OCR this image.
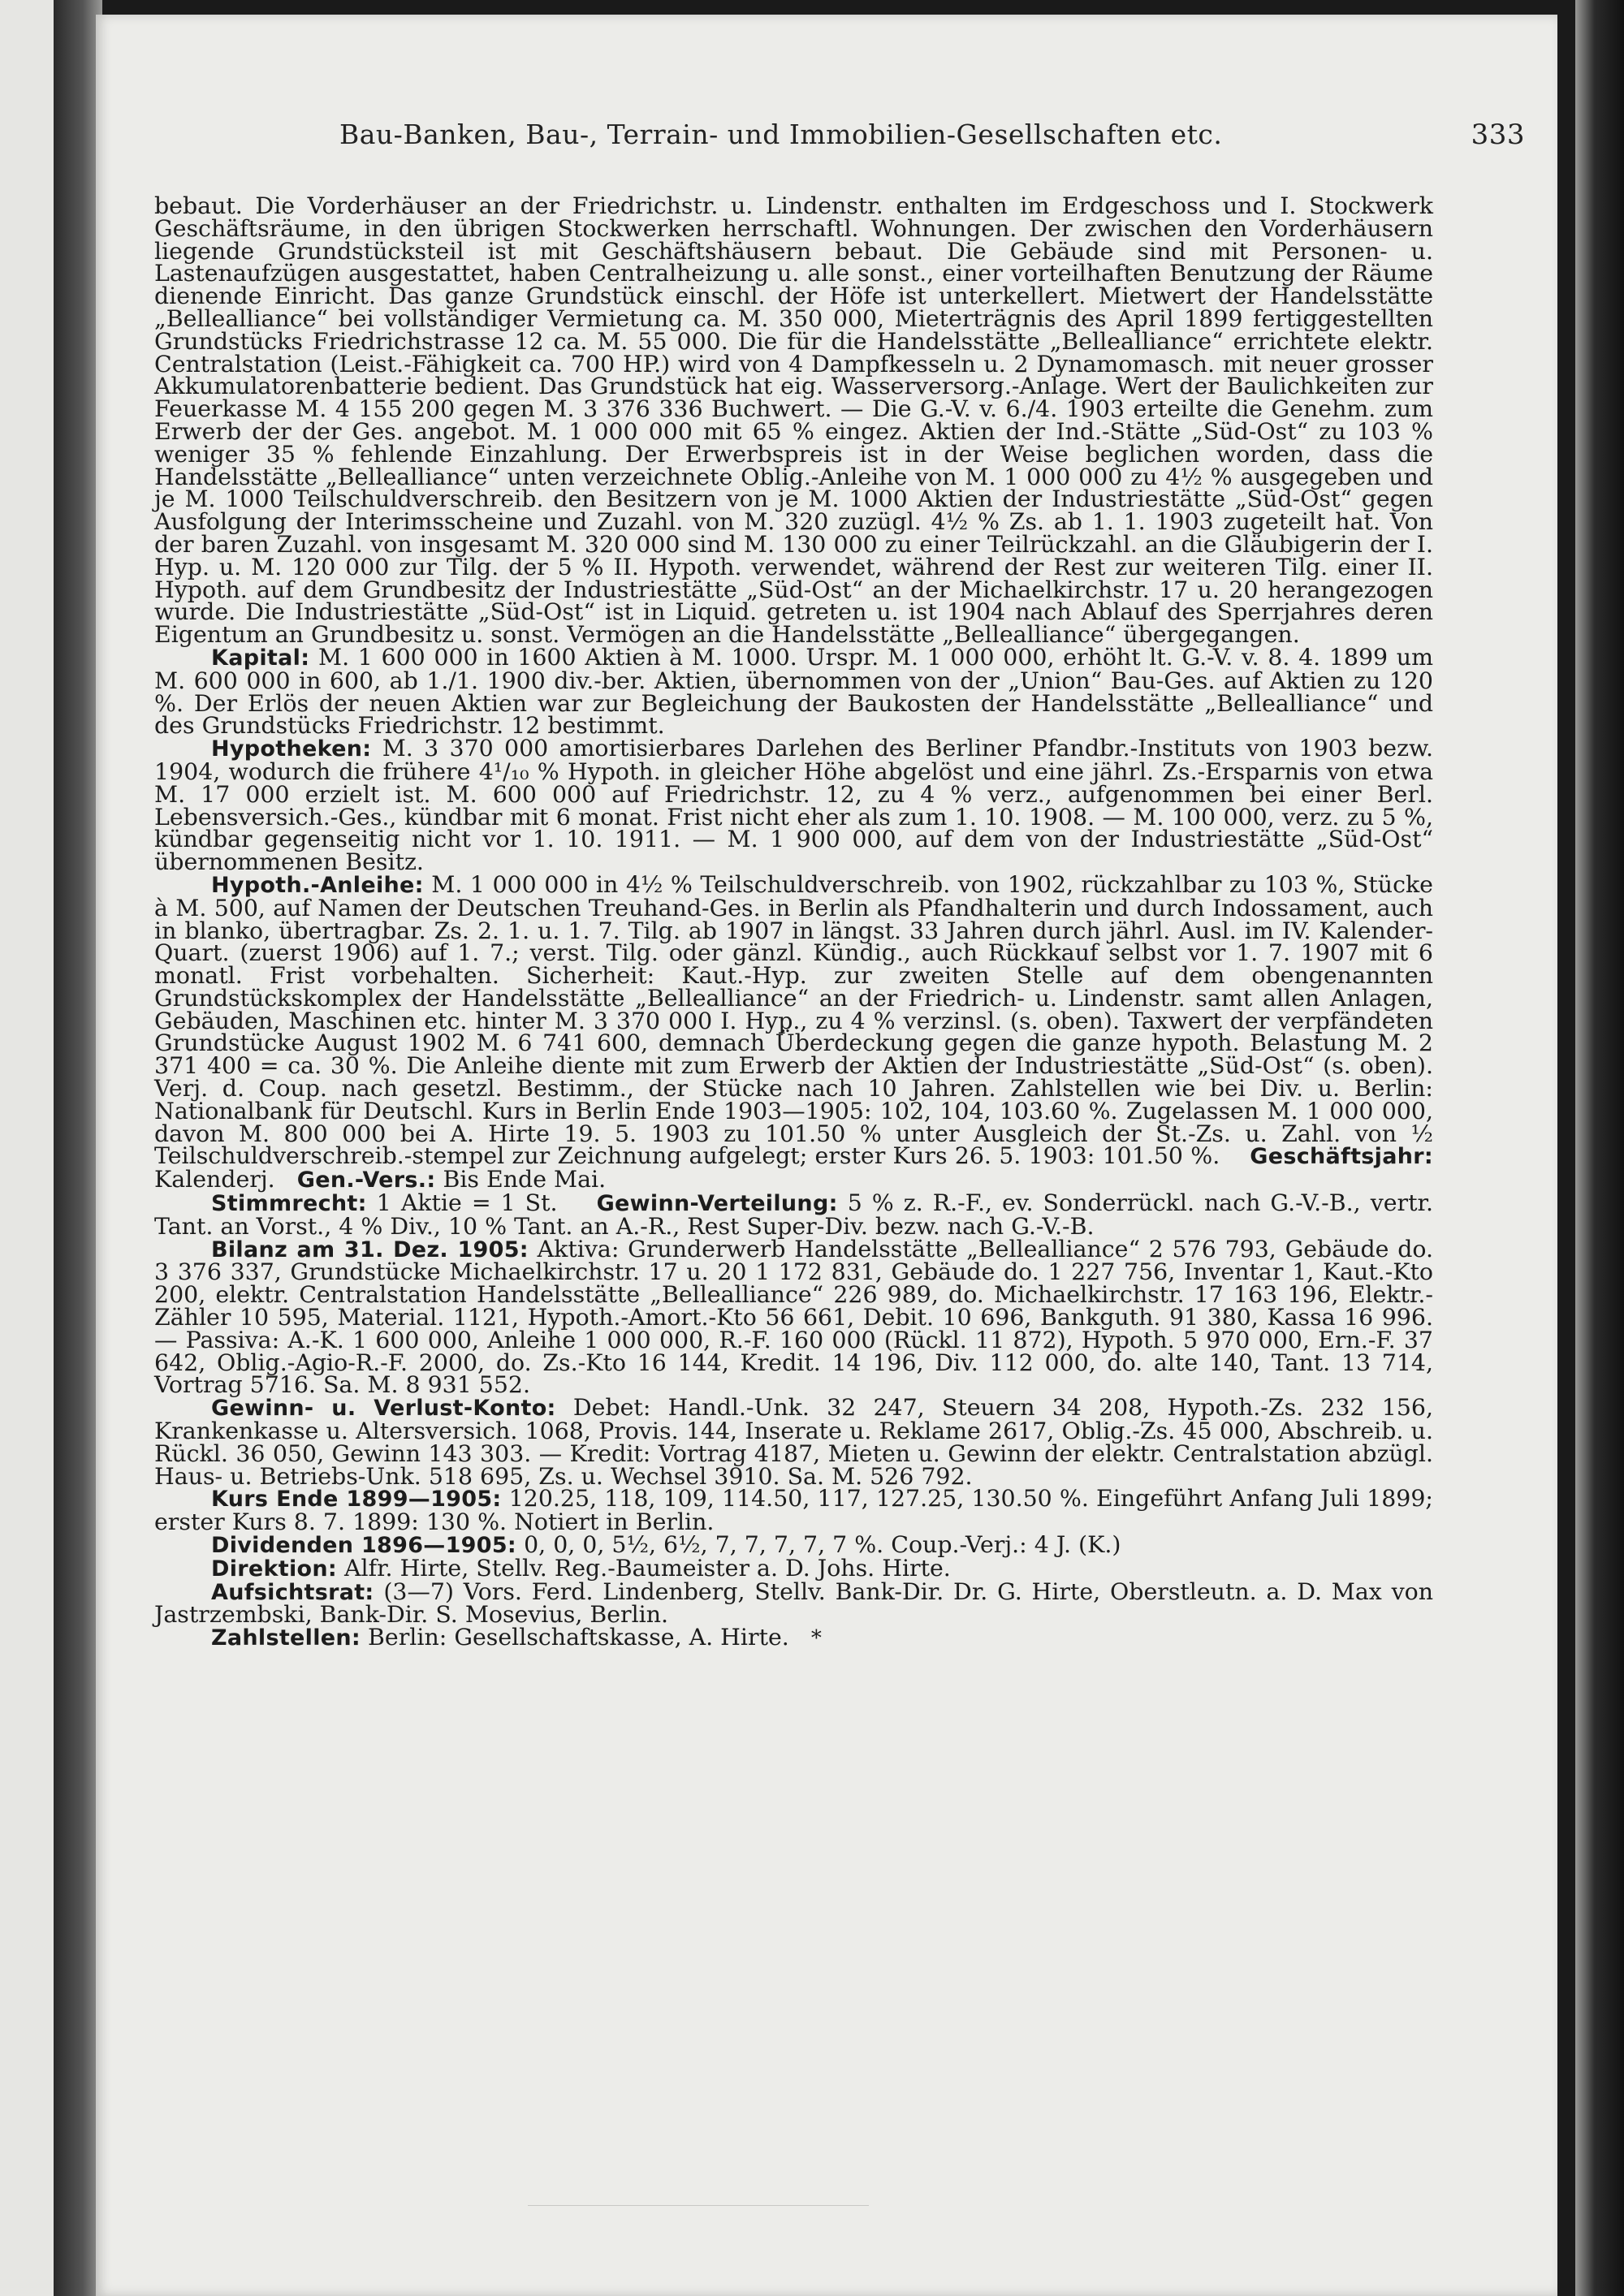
Bau-Banken, Bau-, Terrain- und Immobilien-Gesellschaften etc.	333

bebaut. Die Vorderhäuser an der Friedrichstr. u. Lindenstr. enthalten im Erdgeschoss und I. Stockwerk Geschäftsräume, in den übrigen Stockwerken herrschaftl. Wohnungen. Der zwischen den Vorderhäusern liegende Grundstücksteil ist mit Geschäftshäusern bebaut. Die Gebäude sind mit Personen- u. Lastenaufzügen ausgestattet, haben Centralheizung u. alle sonst., einer vorteilhaften Benutzung der Räume dienende Einricht. Das ganze Grundstück einschl. der Höfe ist unterkellert. Mietwert der Handelsstätte „Bellealliance“ bei vollständiger Vermietung ca. M. 350 000, Mieterträgnis des April 1899 fertiggestellten Grundstücks Friedrichstrasse 12 ca. M. 55 000. Die für die Handelsstätte „Bellealliance“ errichtete elektr. Centralstation (Leist.-Fähigkeit ca. 700 HP.) wird von 4 Dampfkesseln u. 2 Dynamomasch. mit neuer grosser Akkumulatorenbatterie bedient. Das Grundstück hat eig. Wasserversorg.-Anlage. Wert der Baulichkeiten zur Feuerkasse M. 4 155 200 gegen M. 3 376 336 Buchwert. — Die G.-V. v. 6./4. 1903 erteilte die Genehm. zum Erwerb der der Ges. angebot. M. 1 000 000 mit 65 % eingez. Aktien der Ind.-Stätte „Süd-Ost“ zu 103 % weniger 35 % fehlende Einzahlung. Der Erwerbspreis ist in der Weise beglichen worden, dass die Handelsstätte „Bellealliance“ unten verzeichnete Oblig.-Anleihe von M. 1 000 000 zu 4½ % ausgegeben und je M. 1000 Teilschuldverschreib. den Besitzern von je M. 1000 Aktien der Industriestätte „Süd-Ost“ gegen Ausfolgung der Interimsscheine und Zuzahl. von M. 320 zuzügl. 4½ % Zs. ab 1. 1. 1903 zugeteilt hat. Von der baren Zuzahl. von insgesamt M. 320 000 sind M. 130 000 zu einer Teilrückzahl. an die Gläubigerin der I. Hyp. u. M. 120 000 zur Tilg. der 5 % II. Hypoth. verwendet, während der Rest zur weiteren Tilg. einer II. Hypoth. auf dem Grundbesitz der Industriestätte „Süd-Ost“ an der Michaelkirchstr. 17 u. 20 herangezogen wurde. Die Industriestätte „Süd-Ost“ ist in Liquid. getreten u. ist 1904 nach Ablauf des Sperrjahres deren Eigentum an Grundbesitz u. sonst. Vermögen an die Handelsstätte „Bellealliance“ übergegangen.

Kapital: M. 1 600 000 in 1600 Aktien à M. 1000. Urspr. M. 1 000 000, erhöht lt. G.-V. v. 8. 4. 1899 um M. 600 000 in 600, ab 1./1. 1900 div.-ber. Aktien, übernommen von der „Union“ Bau-Ges. auf Aktien zu 120 %. Der Erlös der neuen Aktien war zur Begleichung der Baukosten der Handelsstätte „Bellealliance“ und des Grundstücks Friedrichstr. 12 bestimmt.

Hypotheken: M. 3 370 000 amortisierbares Darlehen des Berliner Pfandbr.-Instituts von 1903 bezw. 1904, wodurch die frühere 4¹/₁₀ % Hypoth. in gleicher Höhe abgelöst und eine jährl. Zs.-Ersparnis von etwa M. 17 000 erzielt ist. M. 600 000 auf Friedrichstr. 12, zu 4 % verz., aufgenommen bei einer Berl. Lebensversich.-Ges., kündbar mit 6 monat. Frist nicht eher als zum 1. 10. 1908. — M. 100 000, verz. zu 5 %, kündbar gegenseitig nicht vor 1. 10. 1911. — M. 1 900 000, auf dem von der Industriestätte „Süd-Ost“ übernommenen Besitz.

Hypoth.-Anleihe: M. 1 000 000 in 4½ % Teilschuldverschreib. von 1902, rückzahlbar zu 103 %, Stücke à M. 500, auf Namen der Deutschen Treuhand-Ges. in Berlin als Pfandhalterin und durch Indossament, auch in blanko, übertragbar. Zs. 2. 1. u. 1. 7. Tilg. ab 1907 in längst. 33 Jahren durch jährl. Ausl. im IV. Kalender-Quart. (zuerst 1906) auf 1. 7.; verst. Tilg. oder gänzl. Kündig., auch Rückkauf selbst vor 1. 7. 1907 mit 6 monatl. Frist vorbehalten. Sicherheit: Kaut.-Hyp. zur zweiten Stelle auf dem obengenannten Grundstückskomplex der Handelsstätte „Bellealliance“ an der Friedrich- u. Lindenstr. samt allen Anlagen, Gebäuden, Maschinen etc. hinter M. 3 370 000 I. Hyp., zu 4 % verzinsl. (s. oben). Taxwert der verpfändeten Grundstücke August 1902 M. 6 741 600, demnach Überdeckung gegen die ganze hypoth. Belastung M. 2 371 400 = ca. 30 %. Die Anleihe diente mit zum Erwerb der Aktien der Industriestätte „Süd-Ost“ (s. oben). Verj. d. Coup. nach gesetzl. Bestimm., der Stücke nach 10 Jahren. Zahlstellen wie bei Div. u. Berlin: Nationalbank für Deutschl. Kurs in Berlin Ende 1903—1905: 102, 104, 103.60 %. Zugelassen M. 1 000 000, davon M. 800 000 bei A. Hirte 19. 5. 1903 zu 101.50 % unter Ausgleich der St.-Zs. u. Zahl. von ½ Teilschuldverschreib.-stempel zur Zeichnung aufgelegt; erster Kurs 26. 5. 1903: 101.50 %. Geschäftsjahr: Kalenderj. Gen.-Vers.: Bis Ende Mai.

Stimmrecht: 1 Aktie = 1 St. Gewinn-Verteilung: 5 % z. R.-F., ev. Sonderrückl. nach G.-V.-B., vertr. Tant. an Vorst., 4 % Div., 10 % Tant. an A.-R., Rest Super-Div. bezw. nach G.-V.-B.

Bilanz am 31. Dez. 1905: Aktiva: Grunderwerb Handelsstätte „Bellealliance“ 2 576 793, Gebäude do. 3 376 337, Grundstücke Michaelkirchstr. 17 u. 20 1 172 831, Gebäude do. 1 227 756, Inventar 1, Kaut.-Kto 200, elektr. Centralstation Handelsstätte „Bellealliance“ 226 989, do. Michaelkirchstr. 17 163 196, Elektr.-Zähler 10 595, Material. 1121, Hypoth.-Amort.-Kto 56 661, Debit. 10 696, Bankguth. 91 380, Kassa 16 996. — Passiva: A.-K. 1 600 000, Anleihe 1 000 000, R.-F. 160 000 (Rückl. 11 872), Hypoth. 5 970 000, Ern.-F. 37 642, Oblig.-Agio-R.-F. 2000, do. Zs.-Kto 16 144, Kredit. 14 196, Div. 112 000, do. alte 140, Tant. 13 714, Vortrag 5716. Sa. M. 8 931 552.

Gewinn- u. Verlust-Konto: Debet: Handl.-Unk. 32 247, Steuern 34 208, Hypoth.-Zs. 232 156, Krankenkasse u. Altersversich. 1068, Provis. 144, Inserate u. Reklame 2617, Oblig.-Zs. 45 000, Abschreib. u. Rückl. 36 050, Gewinn 143 303. — Kredit: Vortrag 4187, Mieten u. Gewinn der elektr. Centralstation abzügl. Haus- u. Betriebs-Unk. 518 695, Zs. u. Wechsel 3910. Sa. M. 526 792.

Kurs Ende 1899—1905: 120.25, 118, 109, 114.50, 117, 127.25, 130.50 %. Eingeführt Anfang Juli 1899; erster Kurs 8. 7. 1899: 130 %. Notiert in Berlin.

Dividenden 1896—1905: 0, 0, 0, 5½, 6½, 7, 7, 7, 7, 7 %. Coup.-Verj.: 4 J. (K.)

Direktion: Alfr. Hirte, Stellv. Reg.-Baumeister a. D. Johs. Hirte.

Aufsichtsrat: (3—7) Vors. Ferd. Lindenberg, Stellv. Bank-Dir. Dr. G. Hirte, Oberstleutn. a. D. Max von Jastrzembski, Bank-Dir. S. Mosevius, Berlin.

Zahlstellen: Berlin: Gesellschaftskasse, A. Hirte. *
